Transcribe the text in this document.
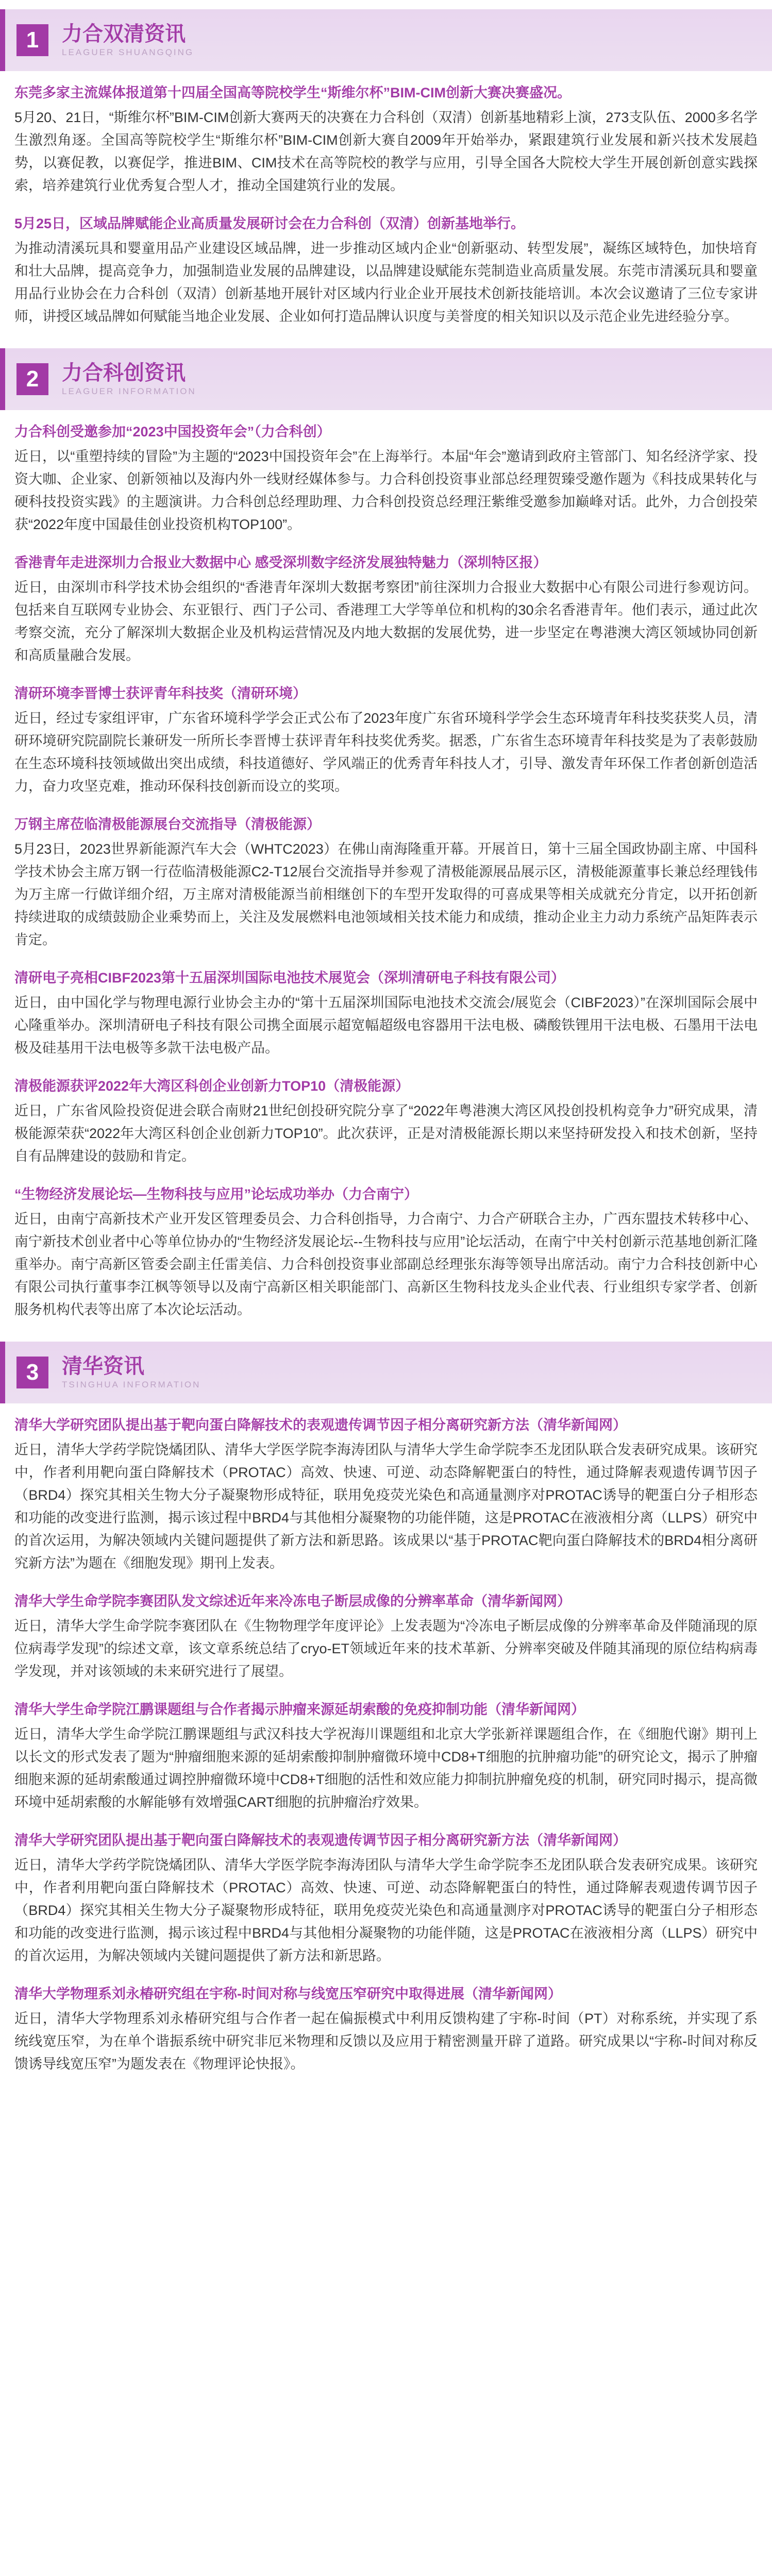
1	力合双清资讯
LEAGUER SHUANGQING

东莞多家主流媒体报道第十四届全国高等院校学生“斯维尔杯”BIM-CIM创新大赛决赛盛况。

5月20、21日，“斯维尔杯”BIM-CIM创新大赛两天的决赛在力合科创（双清）创新基地精彩上演，273支队伍、2000多名学生激烈角逐。全国高等院校学生“斯维尔杯”BIM-CIM创新大赛自2009年开始举办，紧跟建筑行业发展和新兴技术发展趋势，以赛促教，以赛促学，推进BIM、CIM技术在高等院校的教学与应用，引导全国各大院校大学生开展创新创意实践探索，培养建筑行业优秀复合型人才，推动全国建筑行业的发展。

5月25日，区域品牌赋能企业高质量发展研讨会在力合科创（双清）创新基地举行。

为推动清溪玩具和婴童用品产业建设区域品牌，进一步推动区域内企业“创新驱动、转型发展”，凝练区域特色，加快培育和壮大品牌，提高竞争力，加强制造业发展的品牌建设，以品牌建设赋能东莞制造业高质量发展。东莞市清溪玩具和婴童用品行业协会在力合科创（双清）创新基地开展针对区域内行业企业开展技术创新技能培训。本次会议邀请了三位专家讲师，讲授区域品牌如何赋能当地企业发展、企业如何打造品牌认识度与美誉度的相关知识以及示范企业先进经验分享。

2	力合科创资讯
LEAGUER INFORMATION

力合科创受邀参加“2023中国投资年会”（力合科创）

近日，以“重塑持续的冒险”为主题的“2023中国投资年会”在上海举行。本届“年会”邀请到政府主管部门、知名经济学家、投资大咖、企业家、创新领袖以及海内外一线财经媒体参与。力合科创投资事业部总经理贺臻受邀作题为《科技成果转化与硬科技投资实践》的主题演讲。力合科创总经理助理、力合科创投资总经理汪紫维受邀参加巅峰对话。此外，力合创投荣获“2022年度中国最佳创业投资机构TOP100”。

香港青年走进深圳力合报业大数据中心 感受深圳数字经济发展独特魅力（深圳特区报）

近日，由深圳市科学技术协会组织的“香港青年深圳大数据考察团”前往深圳力合报业大数据中心有限公司进行参观访问。包括来自互联网专业协会、东亚银行、西门子公司、香港理工大学等单位和机构的30余名香港青年。他们表示，通过此次考察交流，充分了解深圳大数据企业及机构运营情况及内地大数据的发展优势，进一步坚定在粤港澳大湾区领域协同创新和高质量融合发展。

清研环境李晋博士获评青年科技奖（清研环境）

近日，经过专家组评审，广东省环境科学学会正式公布了2023年度广东省环境科学学会生态环境青年科技奖获奖人员，清研环境研究院副院长兼研发一所所长李晋博士获评青年科技奖优秀奖。据悉，广东省生态环境青年科技奖是为了表彰鼓励在生态环境科技领域做出突出成绩，科技道德好、学风端正的优秀青年科技人才，引导、激发青年环保工作者创新创造活力，奋力攻坚克难，推动环保科技创新而设立的奖项。

万钢主席莅临清极能源展台交流指导（清极能源）

5月23日，2023世界新能源汽车大会（WHTC2023）在佛山南海隆重开幕。开展首日，第十三届全国政协副主席、中国科学技术协会主席万钢一行莅临清极能源C2-T12展台交流指导并参观了清极能源展品展示区，清极能源董事长兼总经理钱伟为万主席一行做详细介绍，万主席对清极能源当前相继创下的车型开发取得的可喜成果等相关成就充分肯定，以开拓创新持续进取的成绩鼓励企业乘势而上，关注及发展燃料电池领域相关技术能力和成绩，推动企业主力动力系统产品矩阵表示肯定。

清研电子亮相CIBF2023第十五届深圳国际电池技术展览会（深圳清研电子科技有限公司）

近日，由中国化学与物理电源行业协会主办的“第十五届深圳国际电池技术交流会/展览会（CIBF2023）”在深圳国际会展中心隆重举办。深圳清研电子科技有限公司携全面展示超宽幅超级电容器用干法电极、磷酸铁锂用干法电极、石墨用干法电极及硅基用干法电极等多款干法电极产品。

清极能源获评2022年大湾区科创企业创新力TOP10（清极能源）

近日，广东省风险投资促进会联合南财21世纪创投研究院分享了“2022年粤港澳大湾区风投创投机构竞争力”研究成果，清极能源荣获“2022年大湾区科创企业创新力TOP10”。此次获评，正是对清极能源长期以来坚持研发投入和技术创新，坚持自有品牌建设的鼓励和肯定。

“生物经济发展论坛—生物科技与应用”论坛成功举办（力合南宁）

近日，由南宁高新技术产业开发区管理委员会、力合科创指导，力合南宁、力合产研联合主办，广西东盟技术转移中心、南宁新技术创业者中心等单位协办的“生物经济发展论坛--生物科技与应用”论坛活动，在南宁中关村创新示范基地创新汇隆重举办。南宁高新区管委会副主任雷美信、力合科创投资事业部副总经理张东海等领导出席活动。南宁力合科技创新中心有限公司执行董事李江枫等领导以及南宁高新区相关职能部门、高新区生物科技龙头企业代表、行业组织专家学者、创新服务机构代表等出席了本次论坛活动。

3	清华资讯
TSINGHUA INFORMATION

清华大学研究团队提出基于靶向蛋白降解技术的表观遗传调节因子相分离研究新方法（清华新闻网）

近日，清华大学药学院饶燏团队、清华大学医学院李海涛团队与清华大学生命学院李丕龙团队联合发表研究成果。该研究中，作者利用靶向蛋白降解技术（PROTAC）高效、快速、可逆、动态降解靶蛋白的特性，通过降解表观遗传调节因子（BRD4）探究其相关生物大分子凝聚物形成特征，联用免疫荧光染色和高通量测序对PROTAC诱导的靶蛋白分子相形态和功能的改变进行监测，揭示该过程中BRD4与其他相分凝聚物的功能伴随，这是PROTAC在液液相分离（LLPS）研究中的首次运用，为解决领域内关键问题提供了新方法和新思路。该成果以“基于PROTAC靶向蛋白降解技术的BRD4相分离研究新方法”为题在《细胞发现》期刊上发表。

清华大学生命学院李赛团队发文综述近年来冷冻电子断层成像的分辨率革命（清华新闻网）

近日，清华大学生命学院李赛团队在《生物物理学年度评论》上发表题为“冷冻电子断层成像的分辨率革命及伴随涌现的原位病毒学发现”的综述文章，该文章系统总结了cryo-ET领域近年来的技术革新、分辨率突破及伴随其涌现的原位结构病毒学发现，并对该领域的未来研究进行了展望。

清华大学生命学院江鹏课题组与合作者揭示肿瘤来源延胡索酸的免疫抑制功能（清华新闻网）

近日，清华大学生命学院江鹏课题组与武汉科技大学祝海川课题组和北京大学张新祥课题组合作，在《细胞代谢》期刊上以长文的形式发表了题为“肿瘤细胞来源的延胡索酸抑制肿瘤微环境中CD8+T细胞的抗肿瘤功能”的研究论文，揭示了肿瘤细胞来源的延胡索酸通过调控肿瘤微环境中CD8+T细胞的活性和效应能力抑制抗肿瘤免疫的机制，研究同时揭示，提高微环境中延胡索酸的水解能够有效增强CART细胞的抗肿瘤治疗效果。

清华大学研究团队提出基于靶向蛋白降解技术的表观遗传调节因子相分离研究新方法（清华新闻网）

近日，清华大学药学院饶燏团队、清华大学医学院李海涛团队与清华大学生命学院李丕龙团队联合发表研究成果。该研究中，作者利用靶向蛋白降解技术（PROTAC）高效、快速、可逆、动态降解靶蛋白的特性，通过降解表观遗传调节因子（BRD4）探究其相关生物大分子凝聚物形成特征，联用免疫荧光染色和高通量测序对PROTAC诱导的靶蛋白分子相形态和功能的改变进行监测，揭示该过程中BRD4与其他相分凝聚物的功能伴随，这是PROTAC在液液相分离（LLPS）研究中的首次运用，为解决领域内关键问题提供了新方法和新思路。

清华大学物理系刘永椿研究组在宇称-时间对称与线宽压窄研究中取得进展（清华新闻网）

近日，清华大学物理系刘永椿研究组与合作者一起在偏振模式中利用反馈构建了宇称-时间（PT）对称系统，并实现了系统线宽压窄，为在单个谐振系统中研究非厄米物理和反馈以及应用于精密测量开辟了道路。研究成果以“宇称-时间对称反馈诱导线宽压窄”为题发表在《物理评论快报》。
